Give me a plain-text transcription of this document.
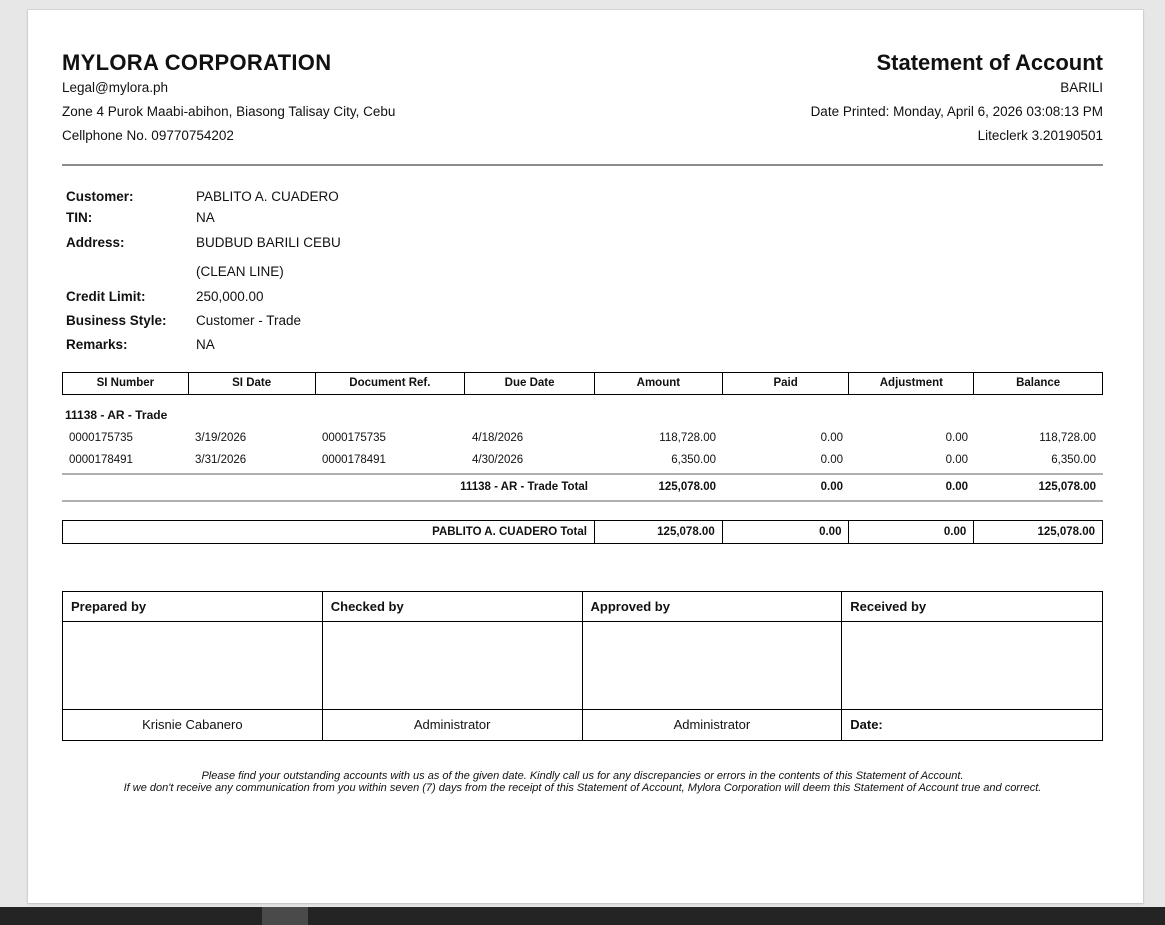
MYLORA CORPORATION
Legal@mylora.ph
Zone 4 Purok Maabi-abihon, Biasong Talisay City, Cebu
Cellphone No. 09770754202
Statement of Account
BARILI
Date Printed: Monday, April 6, 2026 03:08:13 PM
Liteclerk 3.20190501
Customer:	PABLITO A. CUADERO
TIN:	NA
Address:	BUDBUD BARILI CEBU
(CLEAN LINE)
Credit Limit:	250,000.00
Business Style:	Customer - Trade
Remarks:	NA
SI Number	SI Date	Document Ref.	Due Date	Amount	Paid	Adjustment	Balance
11138 - AR - Trade
0000175735	3/19/2026	0000175735	4/18/2026	118,728.00	0.00	0.00	118,728.00
0000178491	3/31/2026	0000178491	4/30/2026	6,350.00	0.00	0.00	6,350.00
11138 - AR - Trade Total	125,078.00	0.00	0.00	125,078.00
PABLITO A. CUADERO Total	125,078.00	0.00	0.00	125,078.00
Prepared by	Checked by	Approved by	Received by
Krisnie Cabanero	Administrator	Administrator	Date:
Please find your outstanding accounts with us as of the given date. Kindly call us for any discrepancies or errors in the contents of this Statement of Account.
If we don't receive any communication from you within seven (7) days from the receipt of this Statement of Account, Mylora Corporation will deem this Statement of Account true and correct.
